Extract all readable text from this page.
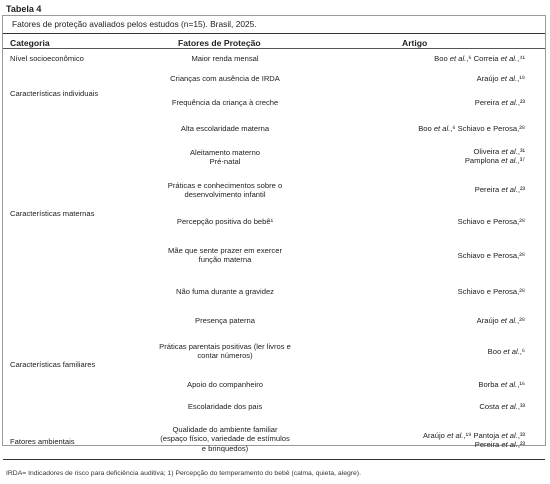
Tabela 4
Fatores de proteção avaliados pelos estudos (n=15). Brasil, 2025.
Categoria	Fatores de Proteção	Artigo
Nível socioeconômico
Características individuais
Características maternas
Características familiares
Fatores ambientais
Maior renda mensal
Crianças com ausência de IRDA
Frequência da criança à creche
Alta escolaridade materna
Aleitamento materno
Pré-natal
Práticas e conhecimentos sobre o
desenvolvimento infantil
Percepção positiva do bebê¹
Mãe que sente prazer em exercer
função materna
Não fuma durante a gravidez
Presença paterna
Práticas parentais positivas (ler livros e
contar números)
Apoio do companheiro
Escolaridade dos pais
Qualidade do ambiente familiar
(espaço físico, variedade de estímulos
e brinquedos)
Boo et al.,⁶ Correia et al.,⁴¹
Araújo et al.,¹⁹
Pereira et al.,²³
Boo et al.,⁶ Schiavo e Perosa,²⁸
Oliveira et al.,³¹
Pamplona et al.,³⁷
Pereira et al.,²³
Schiavo e Perosa,²⁸
Schiavo e Perosa,²⁸
Schiavo e Perosa,²⁸
Araújo et al.,²⁸
Boo et al.,⁶
Borba et al.,¹⁶
Costa et al.,³³
Araújo et al.,¹⁹ Pantoja et al.,³³
Pereira et al.,²³
IRDA= Indicadores de risco para deficiência auditiva; 1) Percepção do temperamento do bebê (calma, quieta, alegre).
